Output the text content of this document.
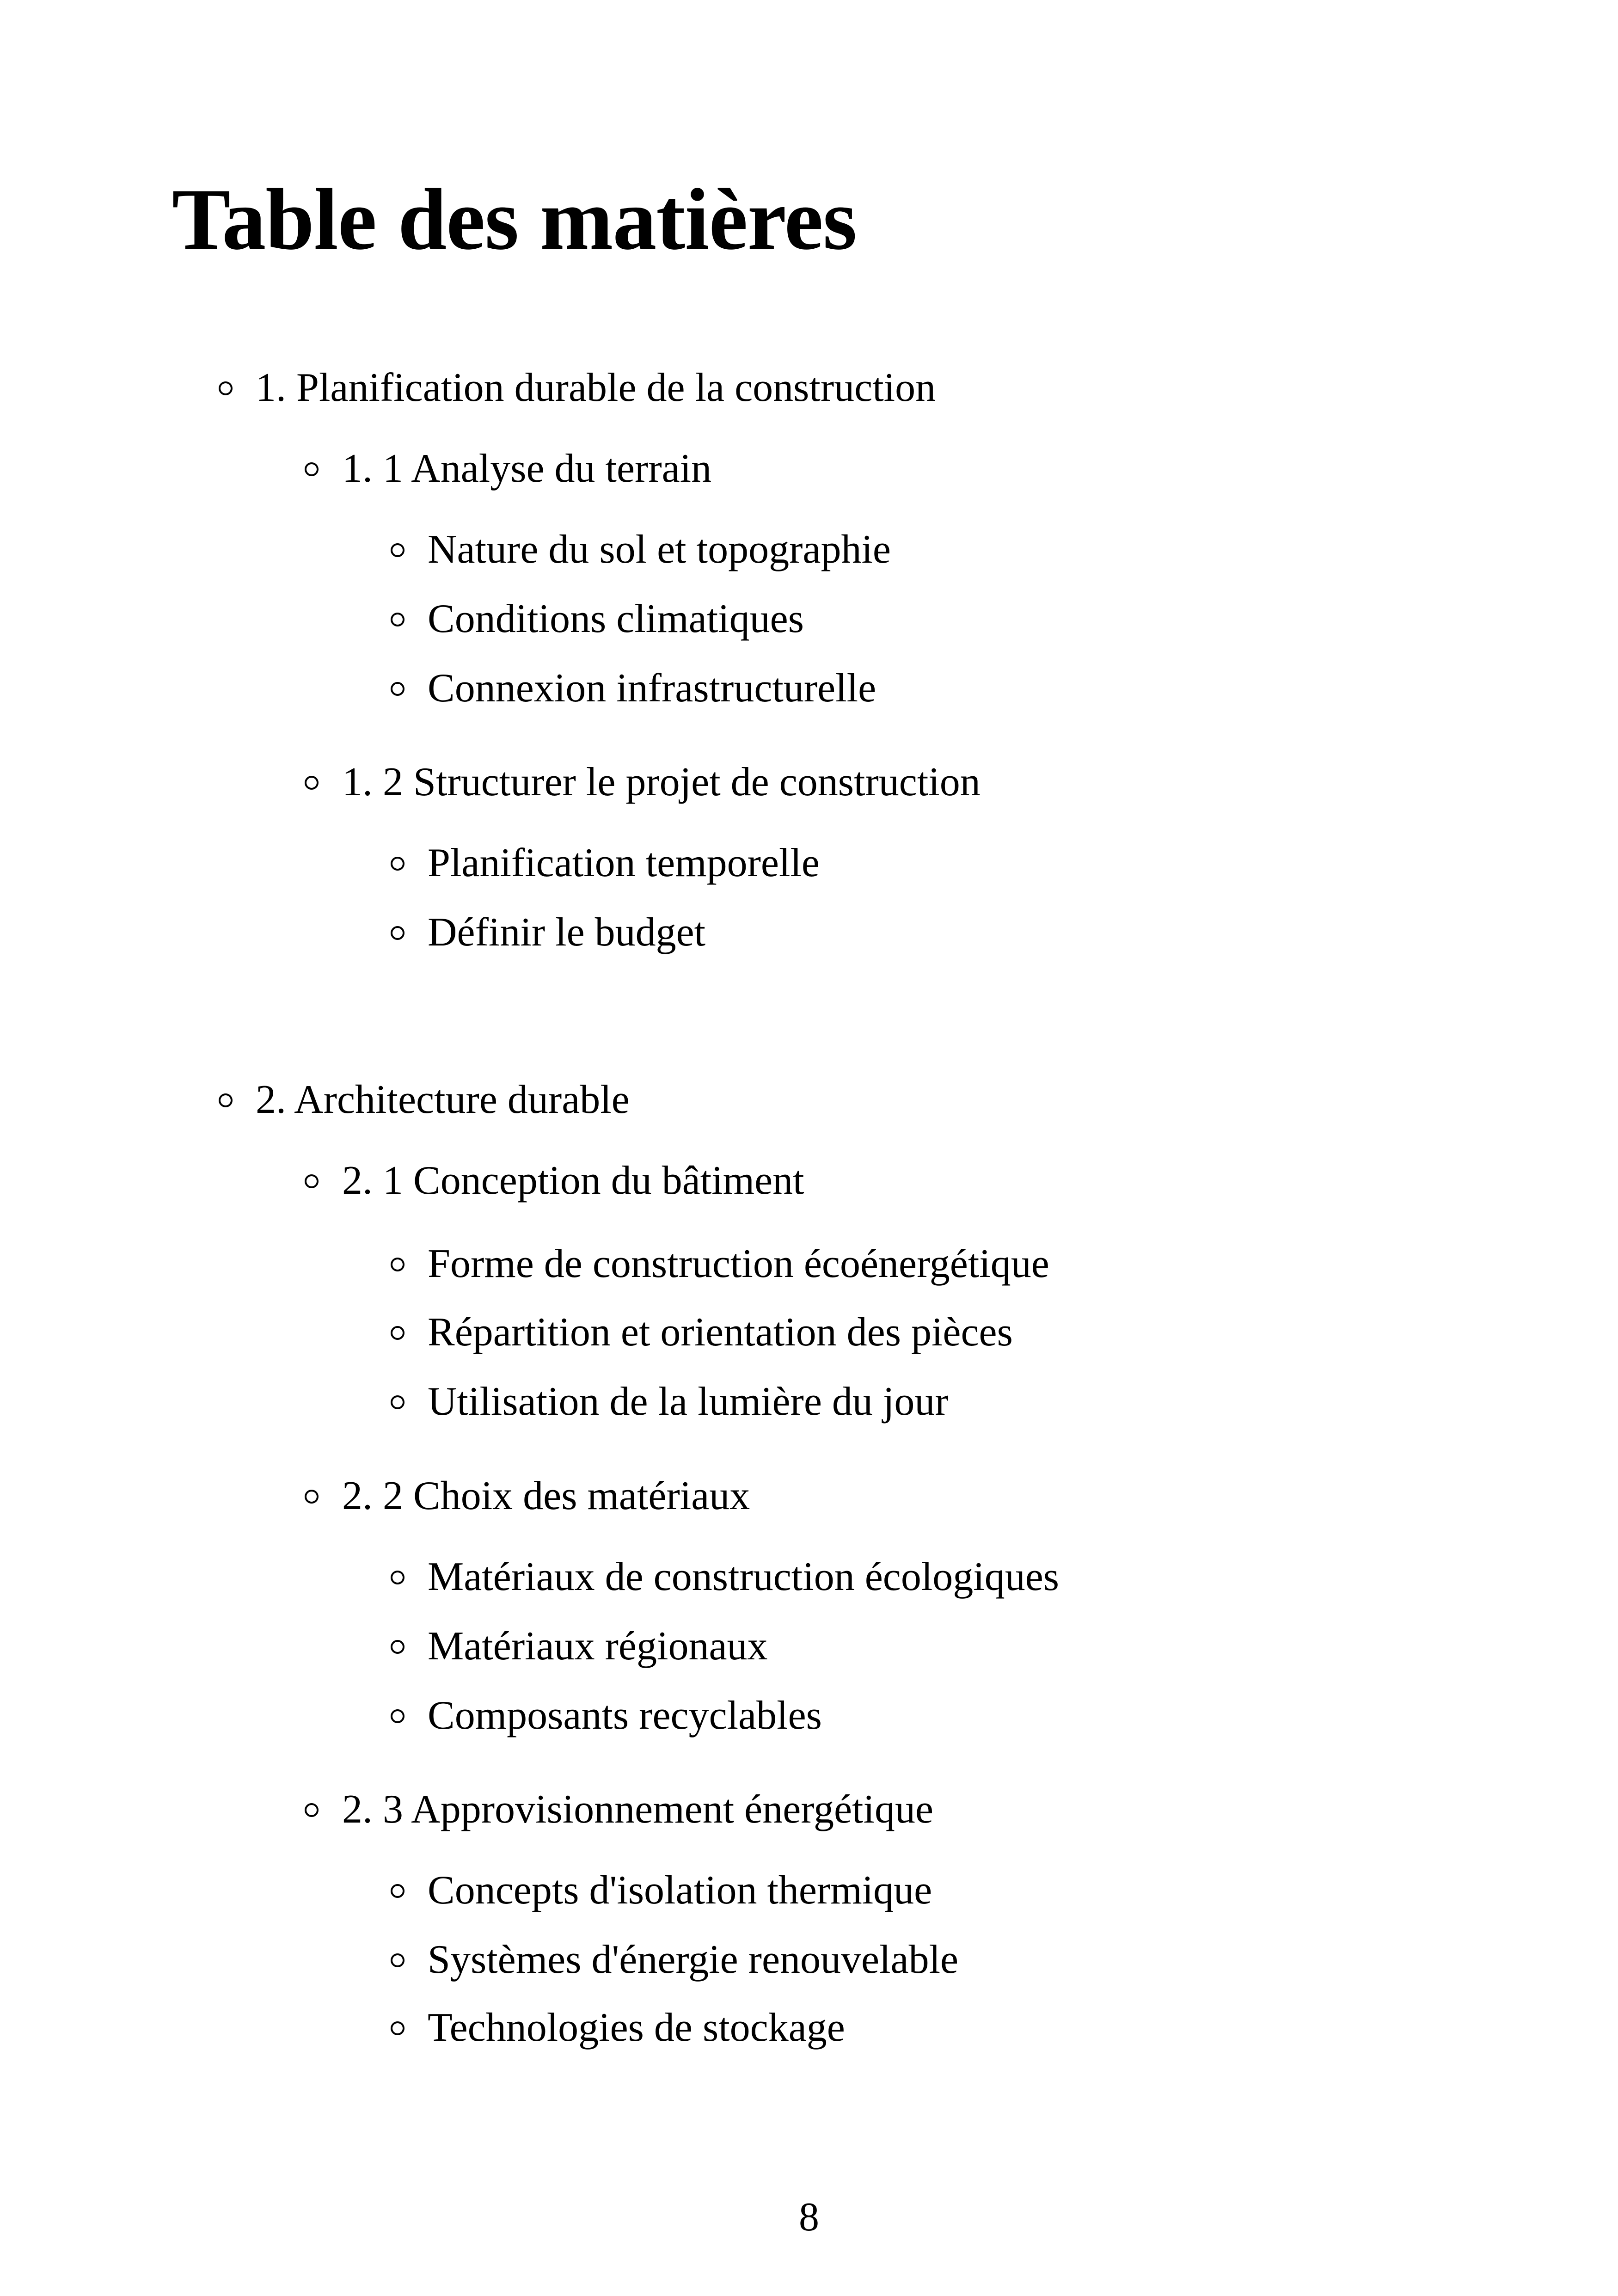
Table des matières
1. Planification durable de la construction
1. 1 Analyse du terrain
Nature du sol et topographie
Conditions climatiques
Connexion infrastructurelle
1. 2 Structurer le projet de construction
Planification temporelle
Définir le budget
2. Architecture durable
2. 1 Conception du bâtiment
Forme de construction écoénergétique
Répartition et orientation des pièces
Utilisation de la lumière du jour
2. 2 Choix des matériaux
Matériaux de construction écologiques
Matériaux régionaux
Composants recyclables
2. 3 Approvisionnement énergétique
Concepts d'isolation thermique
Systèmes d'énergie renouvelable
Technologies de stockage
8
